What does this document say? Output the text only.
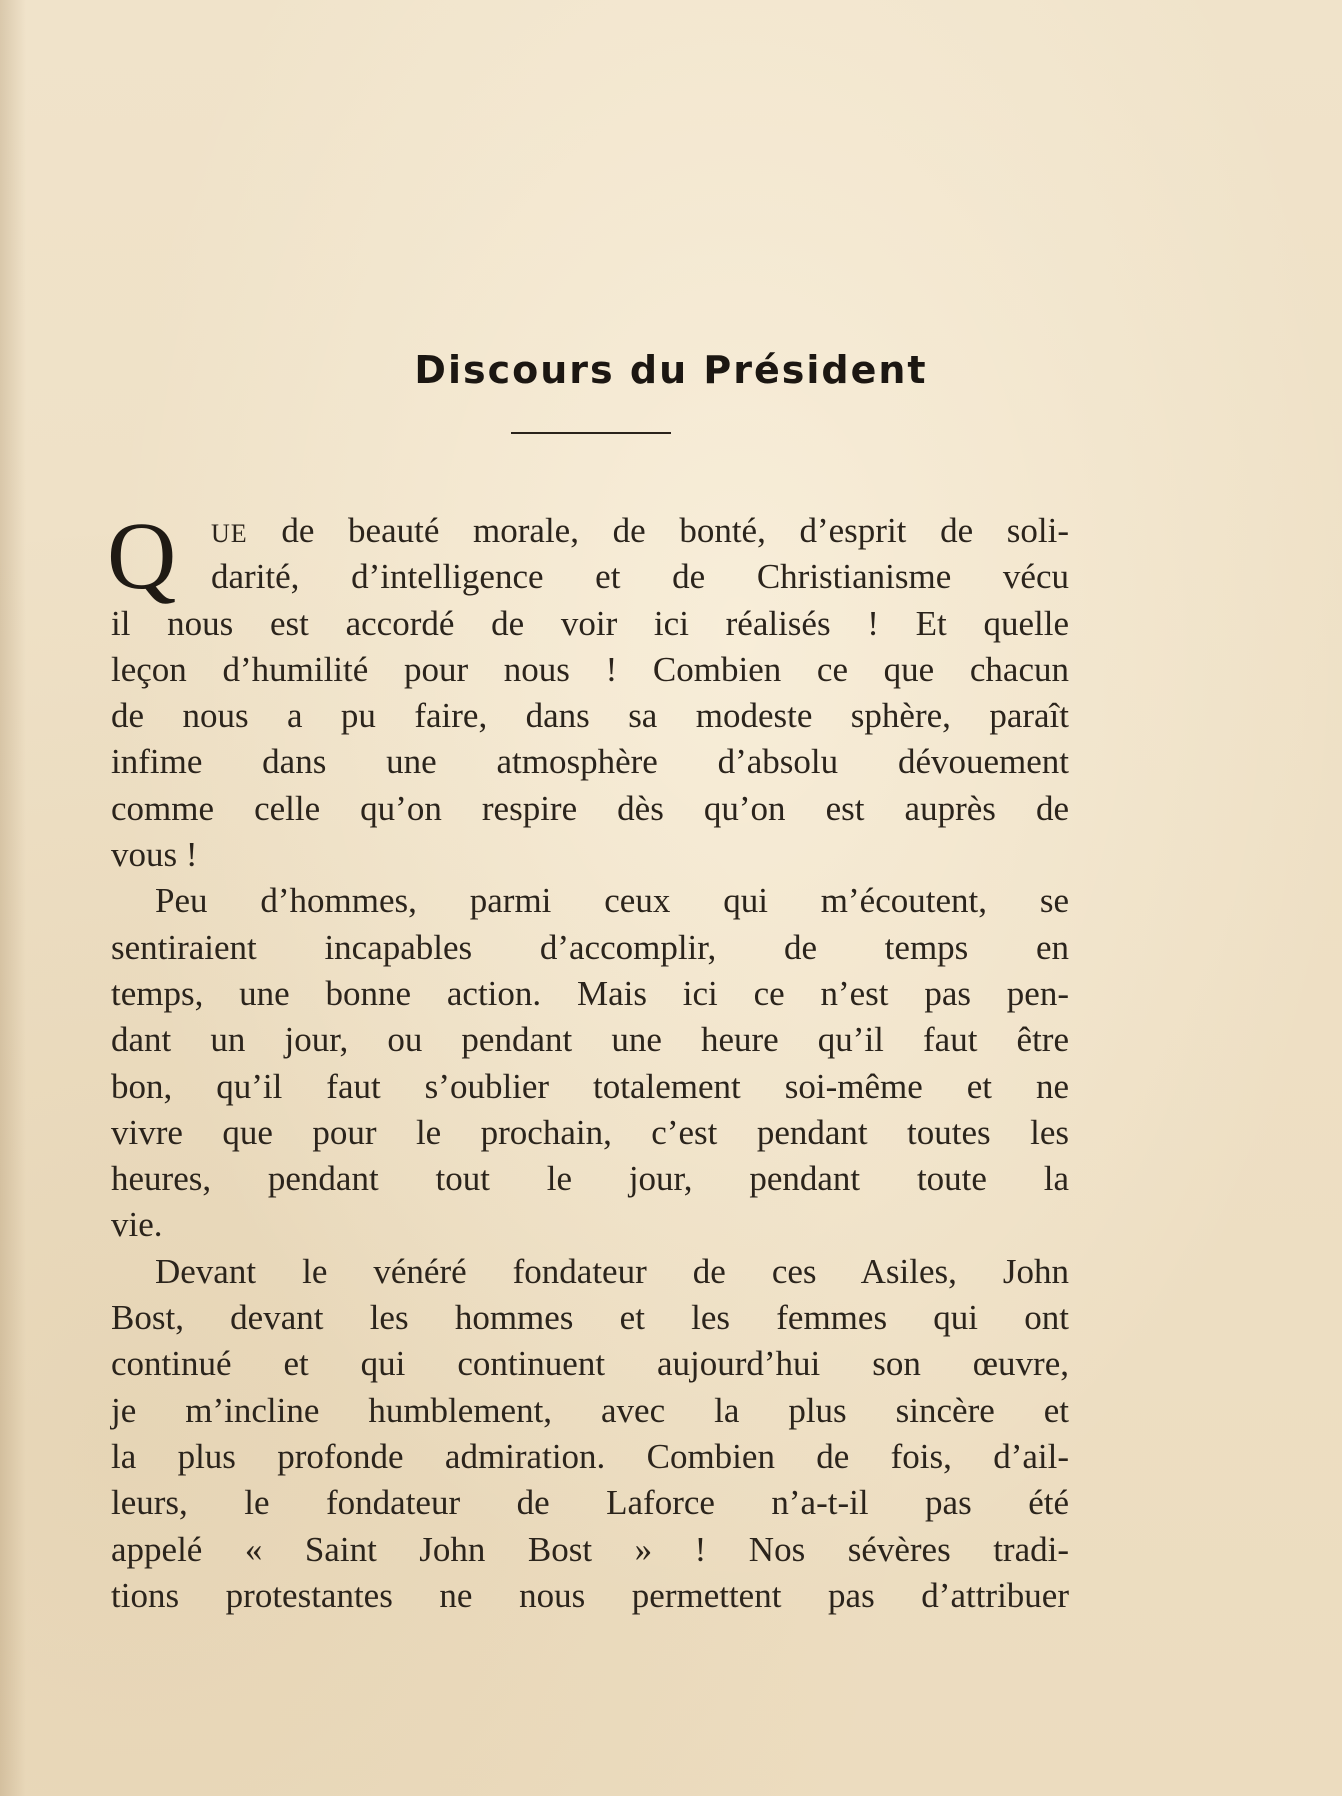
Discours du Président
Q	UE de beauté morale, de bonté, d’esprit de soli-
darité, d’intelligence et de Christianisme vécu
il nous est accordé de voir ici réalisés ! Et quelle
leçon d’humilité pour nous ! Combien ce que chacun
de nous a pu faire, dans sa modeste sphère, paraît
infime dans une atmosphère d’absolu dévouement
comme celle qu’on respire dès qu’on est auprès de
vous !
Peu d’hommes, parmi ceux qui m’écoutent, se
sentiraient incapables d’accomplir, de temps en
temps, une bonne action. Mais ici ce n’est pas pen-
dant un jour, ou pendant une heure qu’il faut être
bon, qu’il faut s’oublier totalement soi-même et ne
vivre que pour le prochain, c’est pendant toutes les
heures, pendant tout le jour, pendant toute la
vie.
Devant le vénéré fondateur de ces Asiles, John
Bost, devant les hommes et les femmes qui ont
continué et qui continuent aujourd’hui son œuvre,
je m’incline humblement, avec la plus sincère et
la plus profonde admiration. Combien de fois, d’ail-
leurs, le fondateur de Laforce n’a-t-il pas été
appelé « Saint John Bost » ! Nos sévères tradi-
tions protestantes ne nous permettent pas d’attribuer
